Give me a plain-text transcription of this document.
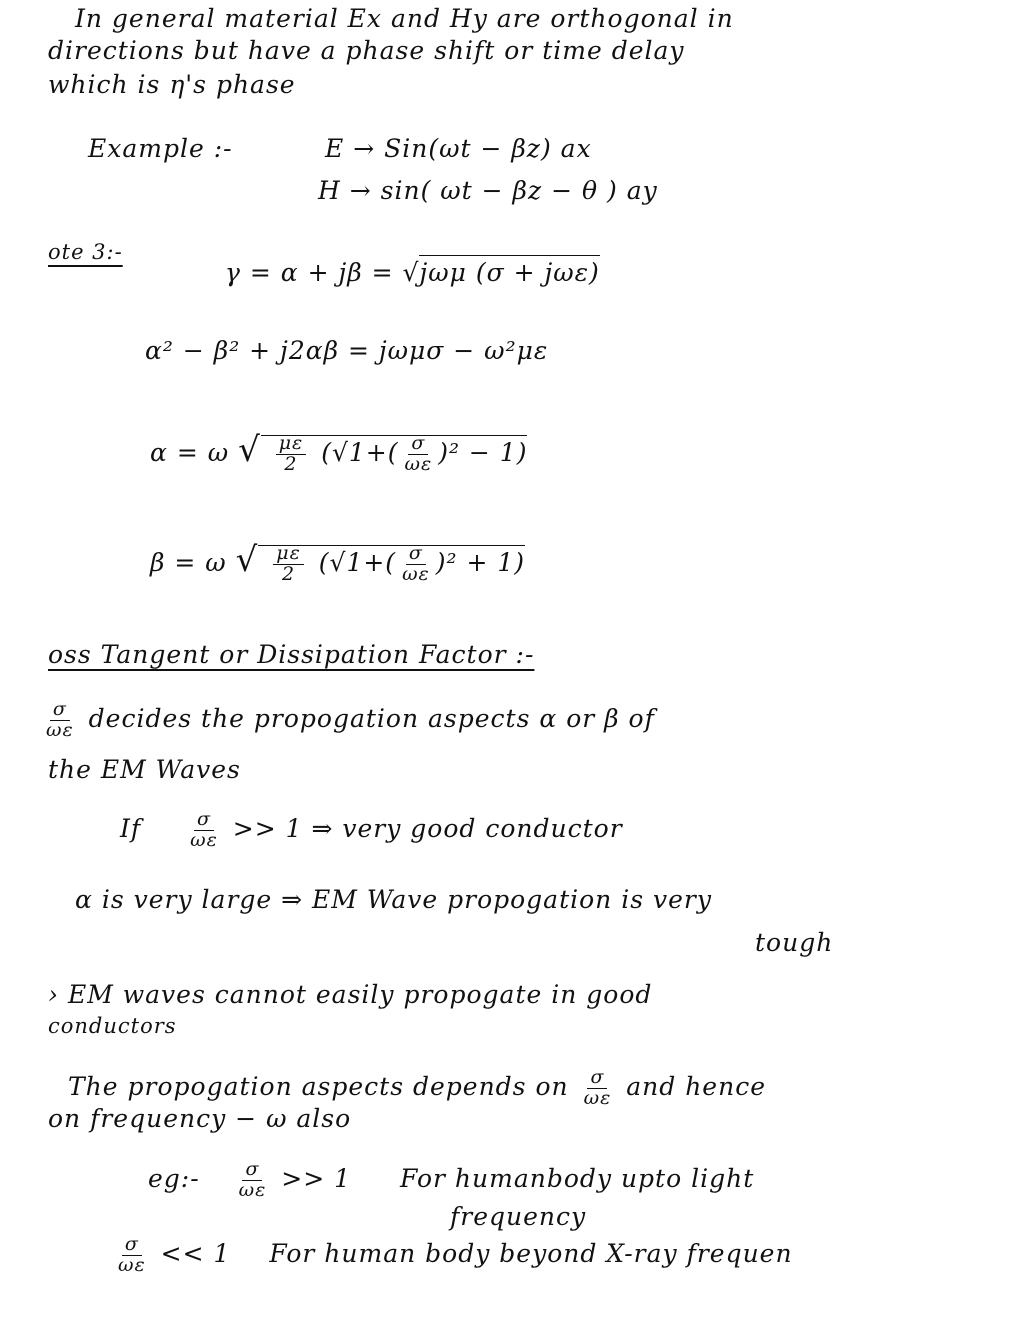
In general material Ex and Hy are orthogonal in
directions but have a phase shift or time delay
which is η's phase
Example :-	E → Sin(ωt − βz) ax
H → sin( ωt − βz − θ ) ay
ote 3:-
γ = α + jβ = √jωμ (σ + jωε)
α² − β² + j2αβ = jωμσ − ω²με
α = ω √ $\frac{\mu\varepsilon}{2} (√1+( \frac{\sigma}{\omega\varepsilon} )^2 - 1)$
β = ω √ $\frac{\mu\varepsilon}{2} (√1+( \frac{\sigma}{\omega\varepsilon} )^2 + 1)$
oss Tangent or Dissipation Factor :-
$\frac{\sigma}{\omega\varepsilon}$ decides the propogation aspects α or β of
the EM Waves
If	$\frac{\sigma}{\omega\varepsilon} >> 1$ ⇒ very good conductor
α is very large ⇒ EM Wave propogation is very
tough
› EM waves cannot easily propogate in good
conductors
The propogation aspects depends on $\frac{\sigma}{\omega\varepsilon}$ and hence
on frequency − ω also
eg:- $\frac{\sigma}{\omega\varepsilon} >> 1$ For humanbody upto light
frequency
$\frac{\sigma}{\omega\varepsilon} << 1$ For human body beyond X-ray frequen
